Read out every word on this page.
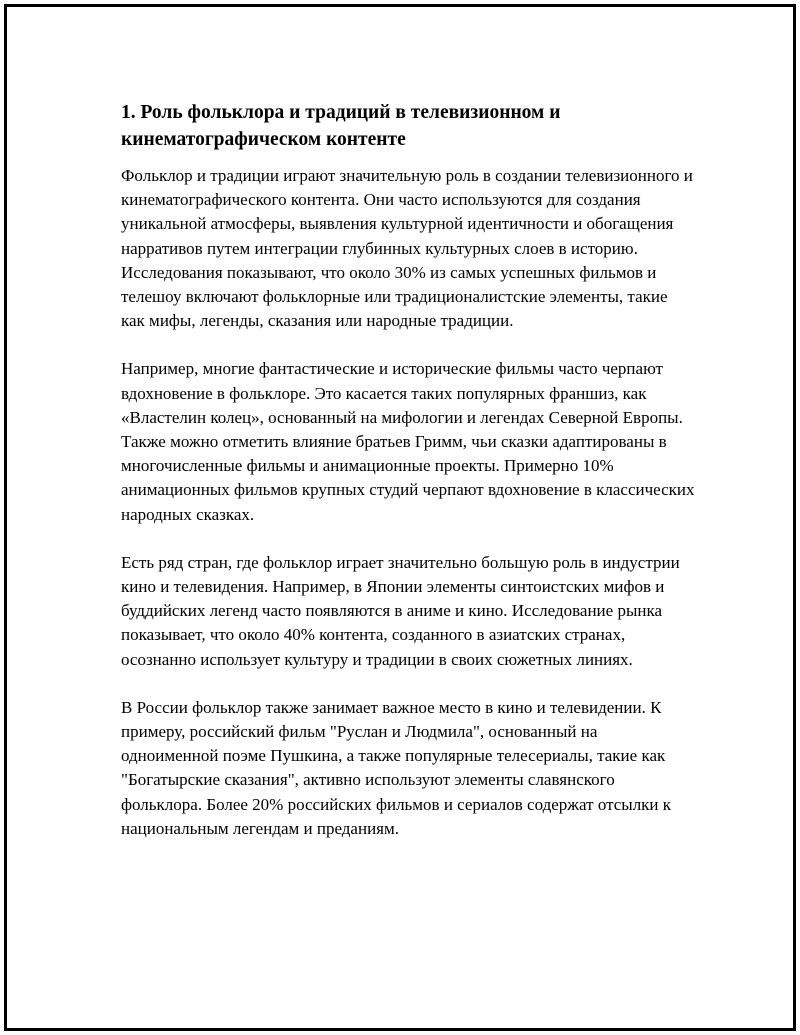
1. Роль фольклора и традиций в телевизионном и кинематографическом контенте

Фольклор и традиции играют значительную роль в создании телевизионного и кинематографического контента. Они часто используются для создания уникальной атмосферы, выявления культурной идентичности и обогащения нарративов путем интеграции глубинных культурных слоев в историю. Исследования показывают, что около 30% из самых успешных фильмов и телешоу включают фольклорные или традиционалистские элементы, такие как мифы, легенды, сказания или народные традиции.

Например, многие фантастические и исторические фильмы часто черпают вдохновение в фольклоре. Это касается таких популярных франшиз, как «Властелин колец», основанный на мифологии и легендах Северной Европы. Также можно отметить влияние братьев Гримм, чьи сказки адаптированы в многочисленные фильмы и анимационные проекты. Примерно 10% анимационных фильмов крупных студий черпают вдохновение в классических народных сказках.

Есть ряд стран, где фольклор играет значительно большую роль в индустрии кино и телевидения. Например, в Японии элементы синтоистских мифов и буддийских легенд часто появляются в аниме и кино. Исследование рынка показывает, что около 40% контента, созданного в азиатских странах, осознанно использует культуру и традиции в своих сюжетных линиях.

В России фольклор также занимает важное место в кино и телевидении. К примеру, российский фильм "Руслан и Людмила", основанный на одноименной поэме Пушкина, а также популярные телесериалы, такие как "Богатырские сказания", активно используют элементы славянского фольклора. Более 20% российских фильмов и сериалов содержат отсылки к национальным легендам и преданиям.
